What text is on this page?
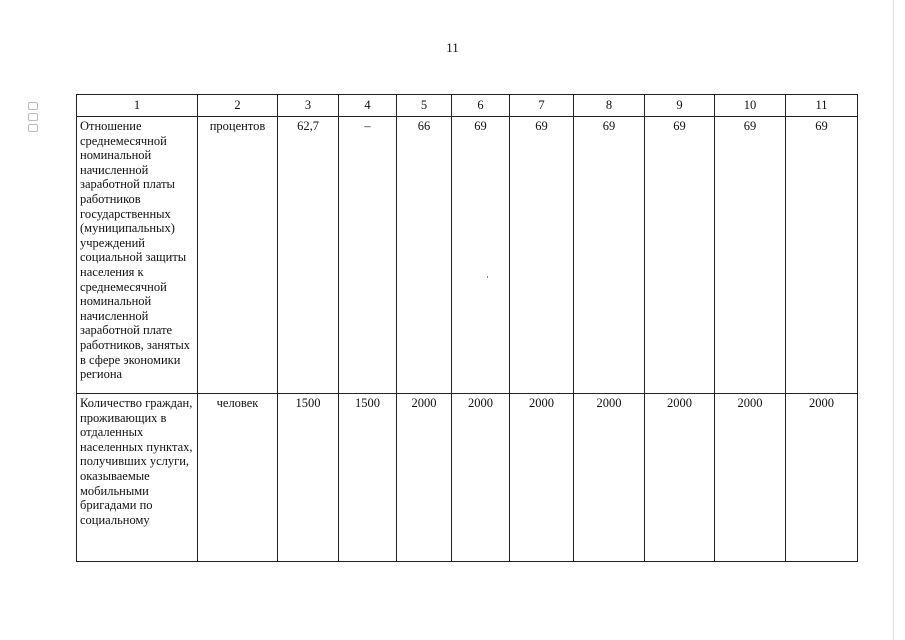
11
1	2	3	4	5	6	7	8	9	10	11
Отношение среднемесячной номинальной начисленной заработной платы работников государственных (муниципальных) учреждений социальной защиты населения к среднемесячной номинальной начисленной заработной плате работников, занятых в сфере экономики региона	процентов	62,7	–	66	69	69	69	69	69	69
Количество граждан, проживающих в отдаленных населенных пунктах, получивших услуги, оказываемые мобильными бригадами по социальному	человек	1500	1500	2000	2000	2000	2000	2000	2000	2000
